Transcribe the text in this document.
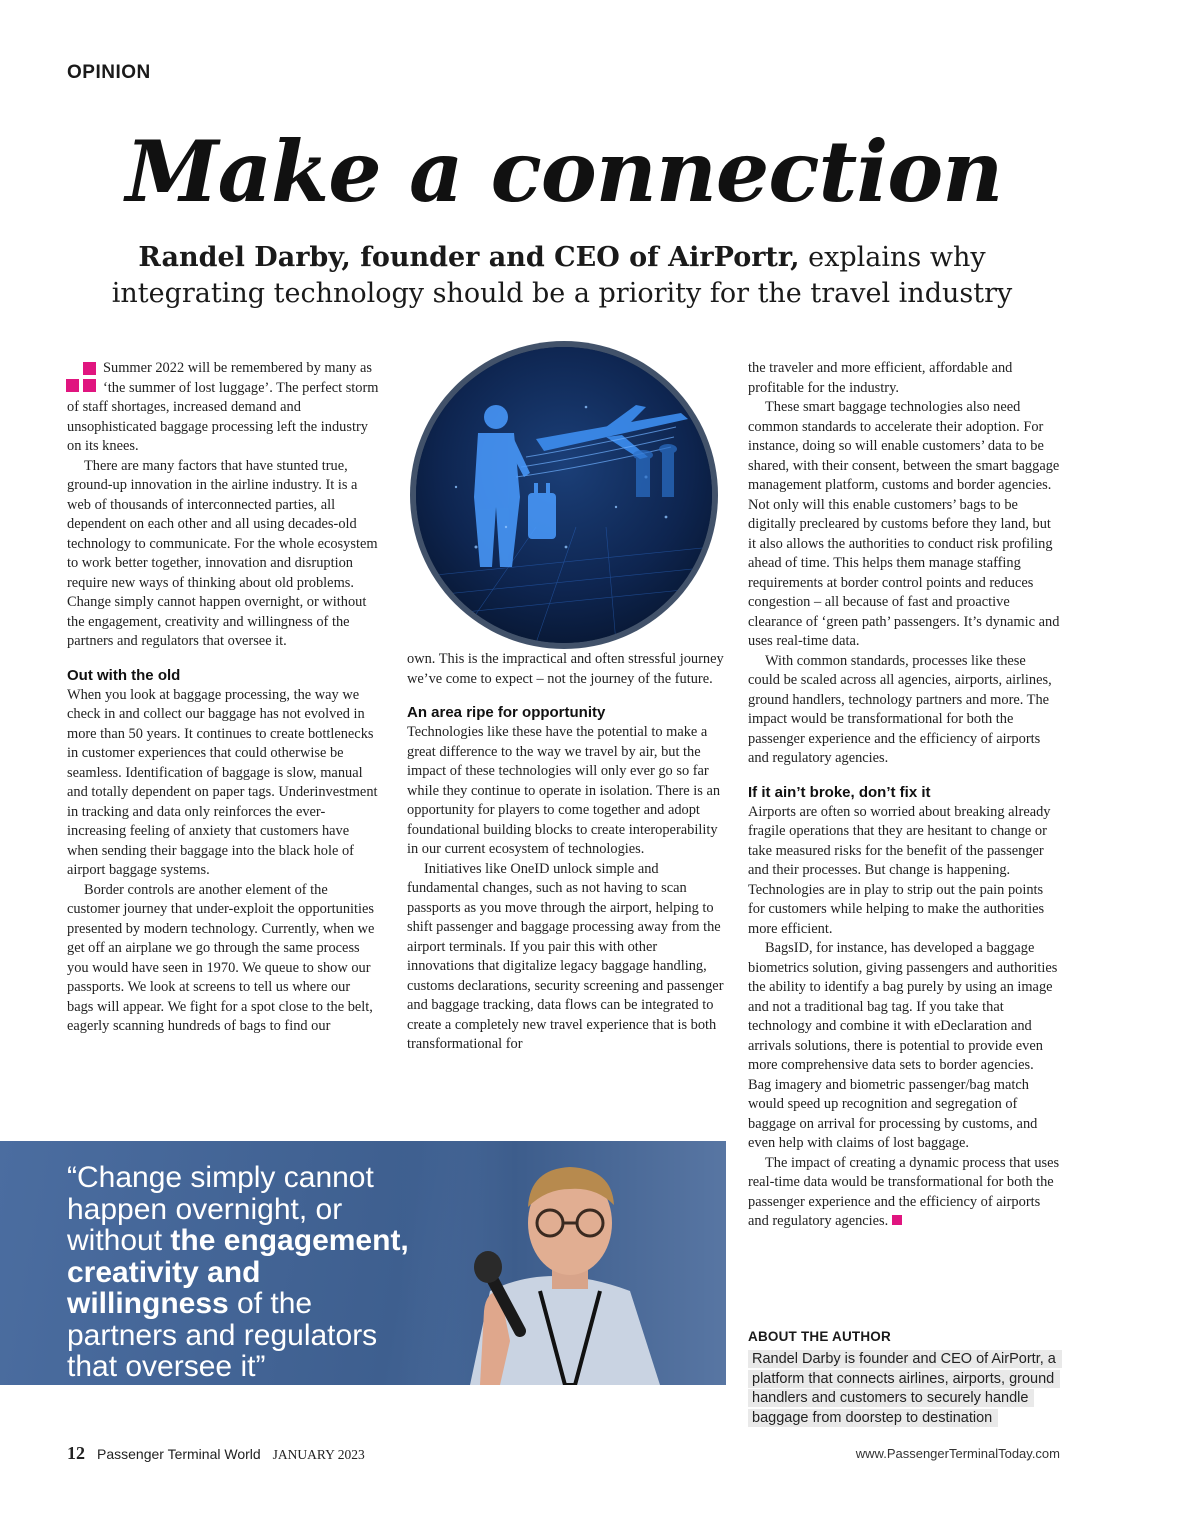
OPINION
Make a connection
Randel Darby, founder and CEO of AirPortr, explains why integrating technology should be a priority for the travel industry

Summer 2022 will be remembered by many as ‘the summer of lost luggage’. The perfect storm of staff shortages, increased demand and unsophisticated baggage processing left the industry on its knees.

There are many factors that have stunted true, ground-up innovation in the airline industry. It is a web of thousands of interconnected parties, all dependent on each other and all using decades-old technology to communicate. For the whole ecosystem to work better together, innovation and disruption require new ways of thinking about old problems. Change simply cannot happen overnight, or without the engagement, creativity and willingness of the partners and regulators that oversee it.

Out with the old

When you look at baggage processing, the way we check in and collect our baggage has not evolved in more than 50 years. It continues to create bottlenecks in customer experiences that could otherwise be seamless. Identification of baggage is slow, manual and totally dependent on paper tags. Underinvestment in tracking and data only reinforces the ever-increasing feeling of anxiety that customers have when sending their baggage into the black hole of airport baggage systems.

Border controls are another element of the customer journey that under-exploit the opportunities presented by modern technology. Currently, when we get off an airplane we go through the same process you would have seen in 1970. We queue to show our passports. We look at screens to tell us where our bags will appear. We fight for a spot close to the belt, eagerly scanning hundreds of bags to find our

own. This is the impractical and often stressful journey we’ve come to expect – not the journey of the future.

An area ripe for opportunity

Technologies like these have the potential to make a great difference to the way we travel by air, but the impact of these technologies will only ever go so far while they continue to operate in isolation. There is an opportunity for players to come together and adopt foundational building blocks to create interoperability in our current ecosystem of technologies.

Initiatives like OneID unlock simple and fundamental changes, such as not having to scan passports as you move through the airport, helping to shift passenger and baggage processing away from the airport terminals. If you pair this with other innovations that digitalize legacy baggage handling, customs declarations, security screening and passenger and baggage tracking, data flows can be integrated to create a completely new travel experience that is both transformational for

the traveler and more efficient, affordable and profitable for the industry.

These smart baggage technologies also need common standards to accelerate their adoption. For instance, doing so will enable customers’ data to be shared, with their consent, between the smart baggage management platform, customs and border agencies. Not only will this enable customers’ bags to be digitally precleared by customs before they land, but it also allows the authorities to conduct risk profiling ahead of time. This helps them manage staffing requirements at border control points and reduces congestion – all because of fast and proactive clearance of ‘green path’ passengers. It’s dynamic and uses real-time data.

With common standards, processes like these could be scaled across all agencies, airports, airlines, ground handlers, technology partners and more. The impact would be transformational for both the passenger experience and the efficiency of airports and regulatory agencies.

If it ain’t broke, don’t fix it

Airports are often so worried about breaking already fragile operations that they are hesitant to change or take measured risks for the benefit of the passenger and their processes. But change is happening. Technologies are in play to strip out the pain points for customers while helping to make the authorities more efficient.

BagsID, for instance, has developed a baggage biometrics solution, giving passengers and authorities the ability to identify a bag purely by using an image and not a traditional bag tag. If you take that technology and combine it with eDeclaration and arrivals solutions, there is potential to provide even more comprehensive data sets to border agencies. Bag imagery and biometric passenger/bag match would speed up recognition and segregation of baggage on arrival for processing by customs, and even help with claims of lost baggage.

The impact of creating a dynamic process that uses real-time data would be transformational for both the passenger experience and the efficiency of airports and regulatory agencies.

“Change simply cannot happen overnight, or without the engagement, creativity and willingness of the partners and regulators that oversee it”
ABOUT THE AUTHOR
Randel Darby is founder and CEO of AirPortr, a platform that connects airlines, airports, ground handlers and customers to securely handle baggage from doorstep to destination
12 Passenger Terminal World JANUARY 2023	www.PassengerTerminalToday.com
